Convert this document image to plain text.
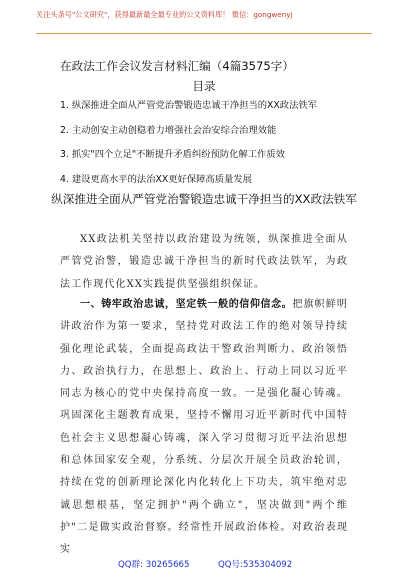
关注头条号"公文研究"，获得最新最全最专业的公文资料库！ 微信：gongwenyj
在政法工作会议发言材料汇编（4篇3575字）
目录
1. 纵深推进全面从严管党治警锻造忠诚干净担当的XX政法铁军
2. 主动创安主动创稳着力增强社会治安综合治理效能
3. 抓实"四个立足"不断提升矛盾纠纷预防化解工作质效
4. 建设更高水平的法治XX更好保障高质量发展
纵深推进全面从严管党治警锻造忠诚干净担当的XX政法铁军

XX政法机关坚持以政治建设为统领，纵深推进全面从严管党治警，锻造忠诚干净担当的新时代政法铁军，为政法工作现代化XX实践提供坚强组织保证。

一、铸牢政治忠诚，坚定铁一般的信仰信念。把旗帜鲜明讲政治作为第一要求，坚持党对政法工作的绝对领导持续强化理论武装，全面提高政法干警政治判断力、政治领悟力、政治执行力，在思想上、政治上、行动上同以习近平同志为核心的党中央保持高度一致。一是强化凝心铸魂。巩固深化主题教育成果，坚持不懈用习近平新时代中国特色社会主义思想凝心铸魂，深入学习贯彻习近平法治思想和总体国家安全观，分系统、分层次开展全员政治轮训，持续在党的创新理论深化内化转化上下功夫，筑牢绝对忠诚思想根基，坚定拥护"两个确立"，坚决做到"两个维护"二是做实政治督察。经常性开展政治体检。对政治表现实

QQ群: 30265665	QQ号:535304092
